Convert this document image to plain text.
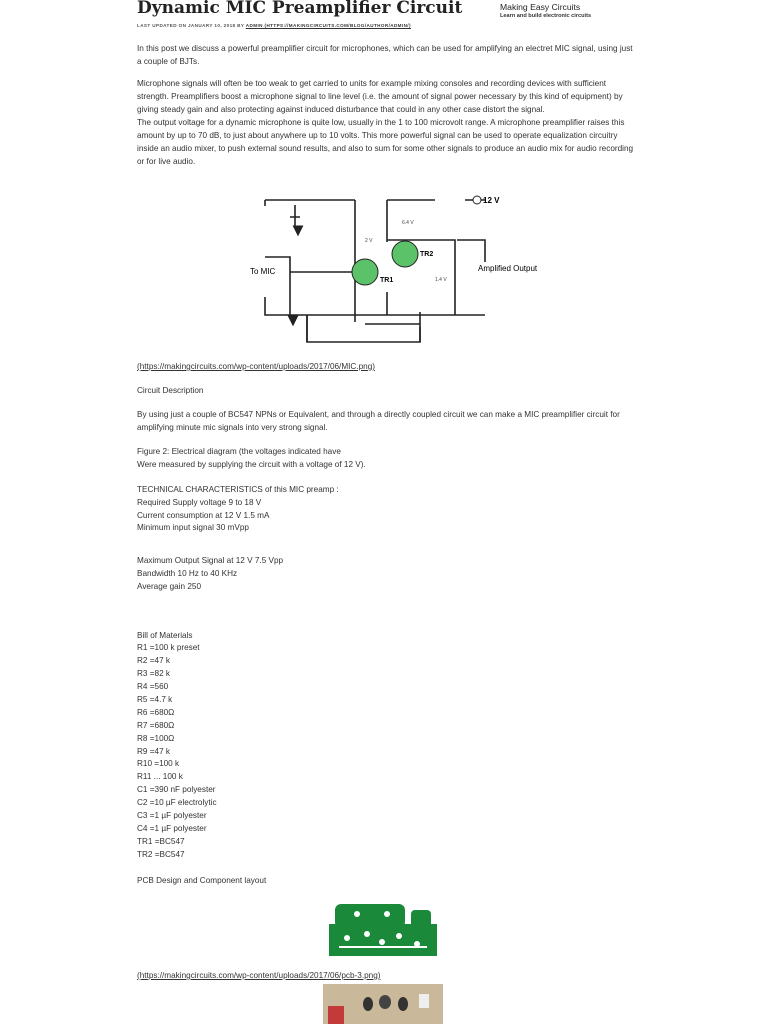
Dynamic MIC Preamplifier Circuit	Making Easy Circuits
Learn and build electronic circuits
LAST UPDATED ON JANUARY 10, 2018 BY ADMIN (HTTPS://MAKINGCIRCUITS.COM/BLOG/AUTHOR/ADMIN/)
In this post we discuss a powerful preamplifier circuit for microphones, which can be used for amplifying an electret MIC signal, using just a couple of BJTs.
Microphone signals will often be too weak to get carried to units for example mixing consoles and recording devices with sufficient strength. Preamplifiers boost a microphone signal to line level (i.e. the amount of signal power necessary by this kind of equipment) by giving steady gain and also protecting against induced disturbance that could in any other case distort the signal.
The output voltage for a dynamic microphone is quite low, usually in the 1 to 100 microvolt range. A microphone preamplifier raises this amount by up to 70 dB, to just about anywhere up to 10 volts. This more powerful signal can be used to operate equalization circuitry inside an audio mixer, to push external sound results, and also to sum for some other signals to produce an audio mix for audio recording or for live audio.
12 V
To MIC	Amplified Output
TR1
TR2
2 V
6.4 V
1.4 V
(https://makingcircuits.com/wp-content/uploads/2017/06/MIC.png)
Circuit Description
By using just a couple of BC547 NPNs or Equivalent, and through a directly coupled circuit we can make a MIC preamplifier circuit for amplifying minute mic signals into very strong signal.
Figure 2: Electrical diagram (the voltages indicated have
Were measured by supplying the circuit with a voltage of 12 V).
TECHNICAL CHARACTERISTICS of this MIC preamp :
Required Supply voltage 9 to 18 V
Current consumption at 12 V 1.5 mA
Minimum input signal 30 mVpp
Maximum Output Signal at 12 V 7.5 Vpp
Bandwidth 10 Hz to 40 KHz
Average gain 250
Bill of Materials
R1 =100 k preset
R2 =47 k
R3 =82 k
R4 =560
R5 =4.7 k
R6 =680Ω
R7 =680Ω
R8 =100Ω
R9 =47 k
R10 =100 k
R11 ... 100 k
C1 =390 nF polyester
C2 =10 µF electrolytic
C3 =1 µF polyester
C4 =1 µF polyester
TR1 =BC547
TR2 =BC547
PCB Design and Component layout
(https://makingcircuits.com/wp-content/uploads/2017/06/pcb-3.png)
